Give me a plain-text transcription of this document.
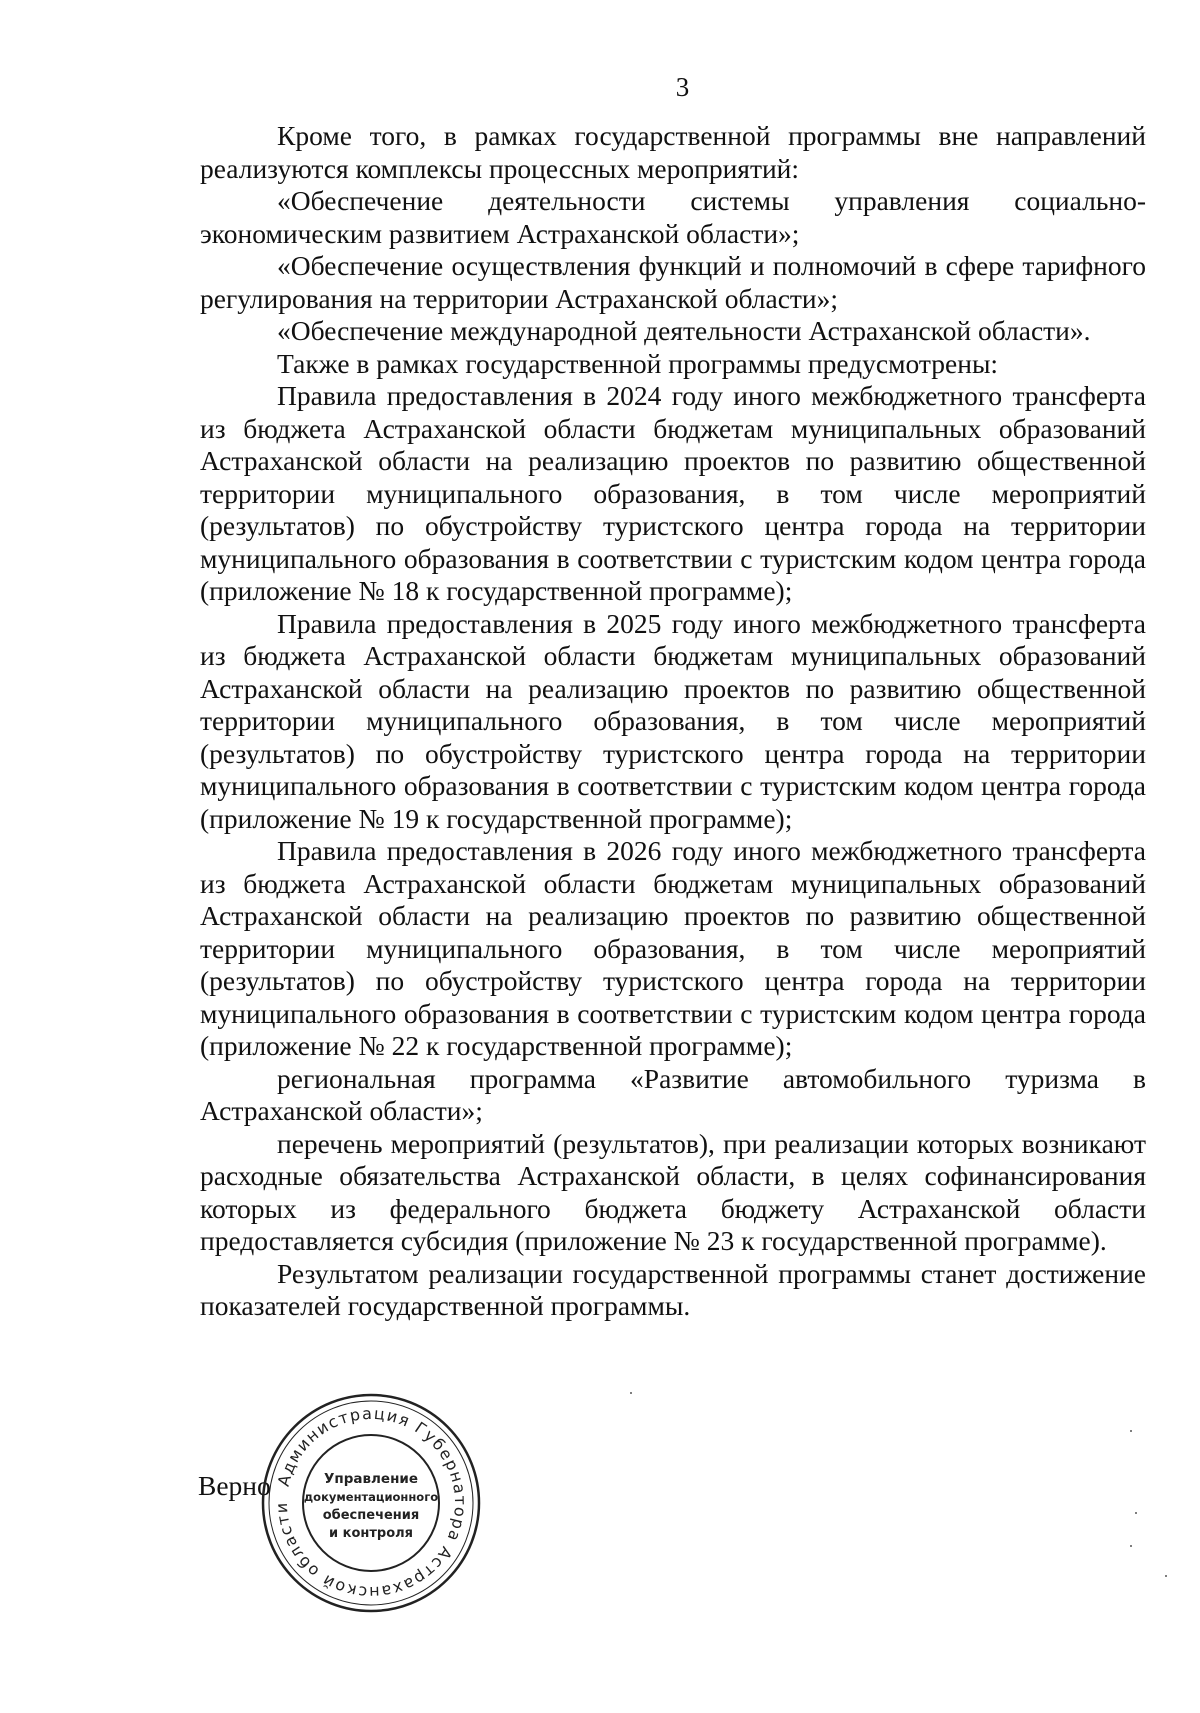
3

Кроме того, в рамках государственной программы вне направлений реализуются комплексы процессных мероприятий:

«Обеспечение деятельности системы управления социально-экономическим развитием Астраханской области»;

«Обеспечение осуществления функций и полномочий в сфере тарифного регулирования на территории Астраханской области»;

«Обеспечение международной деятельности Астраханской области».

Также в рамках государственной программы предусмотрены:

Правила предоставления в 2024 году иного межбюджетного трансферта из бюджета Астраханской области бюджетам муниципальных образований Астраханской области на реализацию проектов по развитию общественной территории муниципального образования, в том числе мероприятий (результатов) по обустройству туристского центра города на территории муниципального образования в соответствии с туристским кодом центра города (приложение № 18 к государственной программе);

Правила предоставления в 2025 году иного межбюджетного трансферта из бюджета Астраханской области бюджетам муниципальных образований Астраханской области на реализацию проектов по развитию общественной территории муниципального образования, в том числе мероприятий (результатов) по обустройству туристского центра города на территории муниципального образования в соответствии с туристским кодом центра города (приложение № 19 к государственной программе);

Правила предоставления в 2026 году иного межбюджетного трансферта из бюджета Астраханской области бюджетам муниципальных образований Астраханской области на реализацию проектов по развитию общественной территории муниципального образования, в том числе мероприятий (результатов) по обустройству туристского центра города на территории муниципального образования в соответствии с туристским кодом центра города (приложение № 22 к государственной программе);

региональная программа «Развитие автомобильного туризма в Астраханской области»;

перечень мероприятий (результатов), при реализации которых возникают расходные обязательства Астраханской области, в целях софинансирования которых из федерального бюджета бюджету Астраханской области предоставляется субсидия (приложение № 23 к государственной программе).

Результатом реализации государственной программы станет достижение показателей государственной программы.

Верно Администрация Губернатора Астраханской области
Управление
документационного
обеспечения
и контроля
